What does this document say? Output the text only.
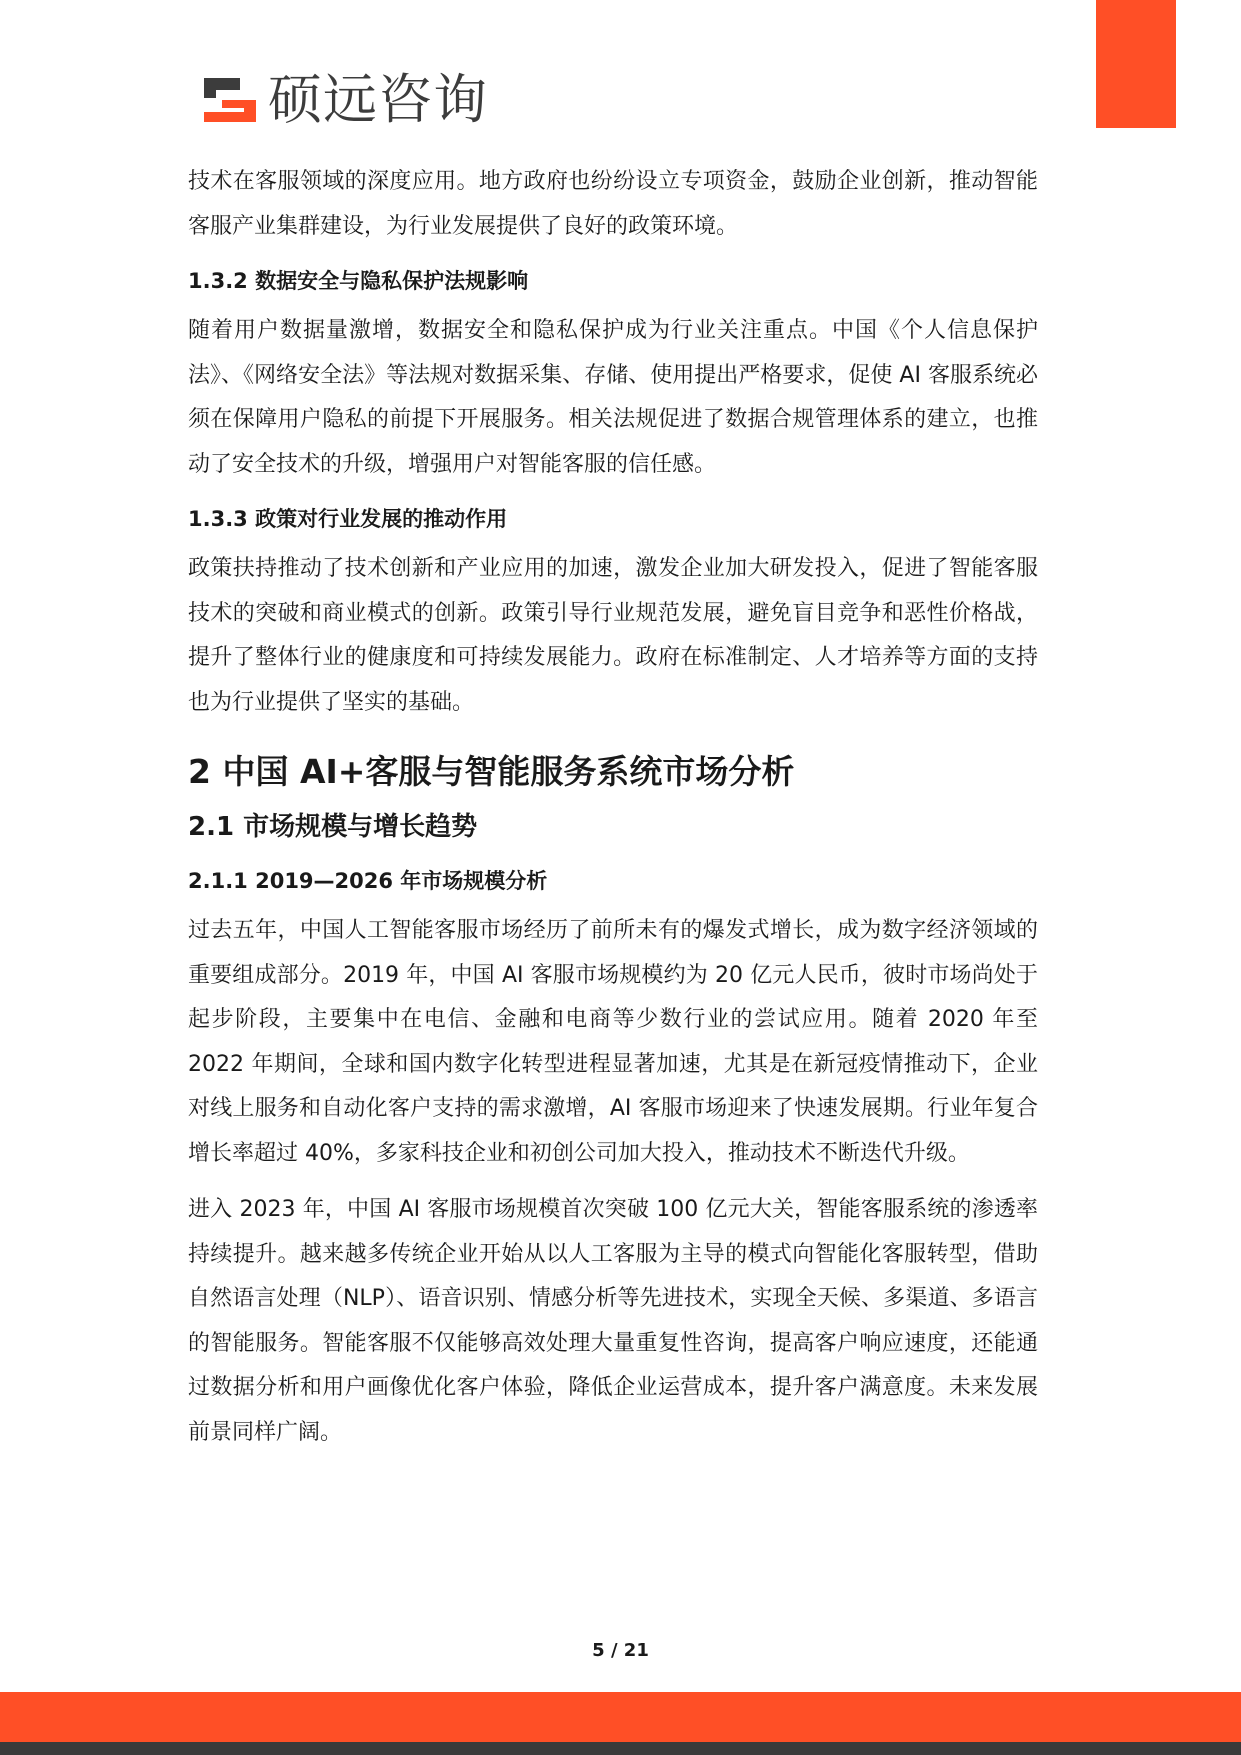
硕远咨询

技术在客服领域的深度应用。地方政府也纷纷设立专项资金，鼓励企业创新，推动智能客服产业集群建设，为行业发展提供了良好的政策环境。

1.3.2 数据安全与隐私保护法规影响

随着用户数据量激增，数据安全和隐私保护成为行业关注重点。中国《个人信息保护法》、《网络安全法》等法规对数据采集、存储、使用提出严格要求，促使 AI 客服系统必须在保障用户隐私的前提下开展服务。相关法规促进了数据合规管理体系的建立，也推动了安全技术的升级，增强用户对智能客服的信任感。

1.3.3 政策对行业发展的推动作用

政策扶持推动了技术创新和产业应用的加速，激发企业加大研发投入，促进了智能客服技术的突破和商业模式的创新。政策引导行业规范发展，避免盲目竞争和恶性价格战，提升了整体行业的健康度和可持续发展能力。政府在标准制定、人才培养等方面的支持也为行业提供了坚实的基础。

2 中国 AI+客服与智能服务系统市场分析
2.1 市场规模与增长趋势
2.1.1 2019—2026 年市场规模分析

过去五年，中国人工智能客服市场经历了前所未有的爆发式增长，成为数字经济领域的重要组成部分。2019 年，中国 AI 客服市场规模约为 20 亿元人民币，彼时市场尚处于起步阶段，主要集中在电信、金融和电商等少数行业的尝试应用。随着 2020 年至 2022 年期间，全球和国内数字化转型进程显著加速，尤其是在新冠疫情推动下，企业对线上服务和自动化客户支持的需求激增，AI 客服市场迎来了快速发展期。行业年复合增长率超过 40%，多家科技企业和初创公司加大投入，推动技术不断迭代升级。

进入 2023 年，中国 AI 客服市场规模首次突破 100 亿元大关，智能客服系统的渗透率持续提升。越来越多传统企业开始从以人工客服为主导的模式向智能化客服转型，借助自然语言处理（NLP）、语音识别、情感分析等先进技术，实现全天候、多渠道、多语言的智能服务。智能客服不仅能够高效处理大量重复性咨询，提高客户响应速度，还能通过数据分析和用户画像优化客户体验，降低企业运营成本，提升客户满意度。未来发展前景同样广阔。

5 / 21
